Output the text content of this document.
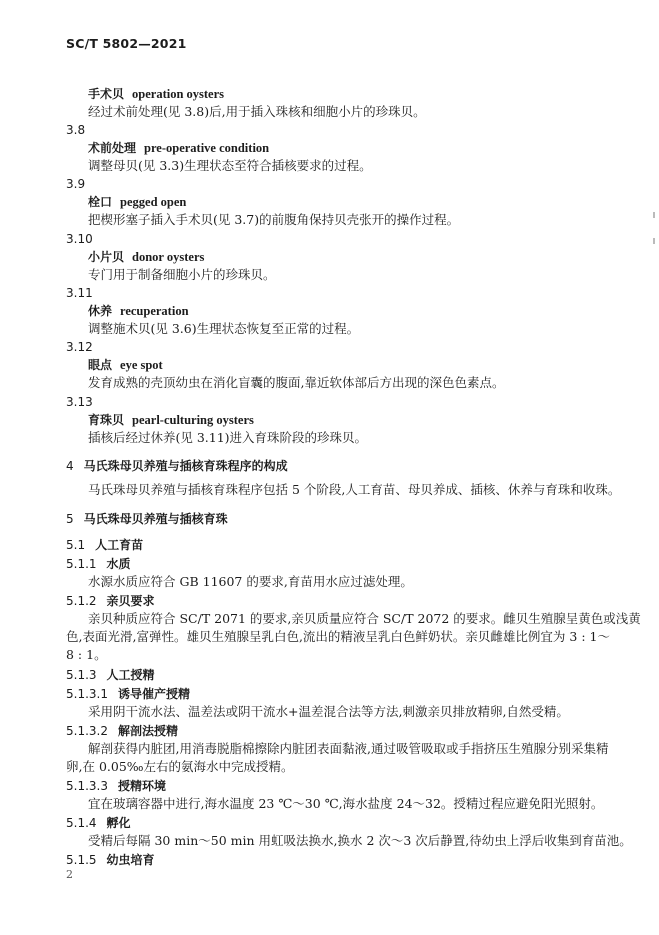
SC/T 5802—2021
手术贝 operation oysters
经过术前处理(见 3.8)后,用于插入珠核和细胞小片的珍珠贝。
3.8
术前处理 pre-operative condition
调整母贝(见 3.3)生理状态至符合插核要求的过程。
3.9
栓口 pegged open
把楔形塞子插入手术贝(见 3.7)的前腹角保持贝壳张开的操作过程。
3.10
小片贝 donor oysters
专门用于制备细胞小片的珍珠贝。
3.11
休养 recuperation
调整施术贝(见 3.6)生理状态恢复至正常的过程。
3.12
眼点 eye spot
发育成熟的壳顶幼虫在消化盲囊的腹面,靠近软体部后方出现的深色色素点。
3.13
育珠贝 pearl-culturing oysters
插核后经过休养(见 3.11)进入育珠阶段的珍珠贝。
4 马氏珠母贝养殖与插核育珠程序的构成
马氏珠母贝养殖与插核育珠程序包括 5 个阶段,人工育苗、母贝养成、插核、休养与育珠和收珠。
5 马氏珠母贝养殖与插核育珠
5.1 人工育苗
5.1.1 水质
水源水质应符合 GB 11607 的要求,育苗用水应过滤处理。
5.1.2 亲贝要求
亲贝种质应符合 SC/T 2071 的要求,亲贝质量应符合 SC/T 2072 的要求。雌贝生殖腺呈黄色或浅黄
色,表面光滑,富弹性。雄贝生殖腺呈乳白色,流出的精液呈乳白色鲜奶状。亲贝雌雄比例宜为 3 : 1～
8 : 1。
5.1.3 人工授精
5.1.3.1 诱导催产授精
采用阴干流水法、温差法或阴干流水+温差混合法等方法,刺激亲贝排放精卵,自然受精。
5.1.3.2 解剖法授精
解剖获得内脏团,用消毒脱脂棉擦除内脏团表面黏液,通过吸管吸取或手指挤压生殖腺分别采集精
卵,在 0.05‰左右的氨海水中完成授精。
5.1.3.3 授精环境
宜在玻璃容器中进行,海水温度 23 ℃～30 ℃,海水盐度 24～32。授精过程应避免阳光照射。
5.1.4 孵化
受精后每隔 30 min～50 min 用虹吸法换水,换水 2 次～3 次后静置,待幼虫上浮后收集到育苗池。
5.1.5 幼虫培育
2
